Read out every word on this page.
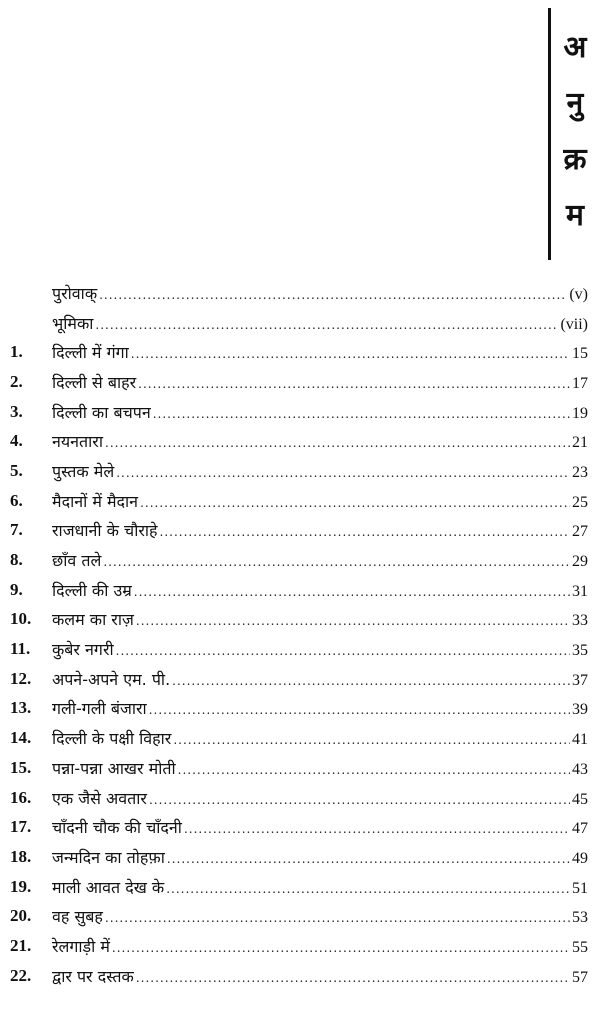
अ
नु
क्र
म
पुरोवाक् .....	(v)
भूमिका .....	(vii)
1. दिल्ली में गंगा .....	15
2. दिल्ली से बाहर .....	17
3. दिल्ली का बचपन .....	19
4. नयनतारा .....	21
5. पुस्तक मेले .....	23
6. मैदानों में मैदान .....	25
7. राजधानी के चौराहे .....	27
8. छाँव तले .....	29
9. दिल्ली की उम्र .....	31
10. कलम का राज़ .....	33
11. कुबेर नगरी .....	35
12. अपने-अपने एम. पी. .....	37
13. गली-गली बंजारा .....	39
14. दिल्ली के पक्षी विहार .....	41
15. पन्ना-पन्ना आखर मोती .....	43
16. एक जैसे अवतार .....	45
17. चाँदनी चौक की चाँदनी .....	47
18. जन्मदिन का तोहफ़ा .....	49
19. माली आवत देख के .....	51
20. वह सुबह .....	53
21. रेलगाड़ी में .....	55
22. द्वार पर दस्तक .....	57
